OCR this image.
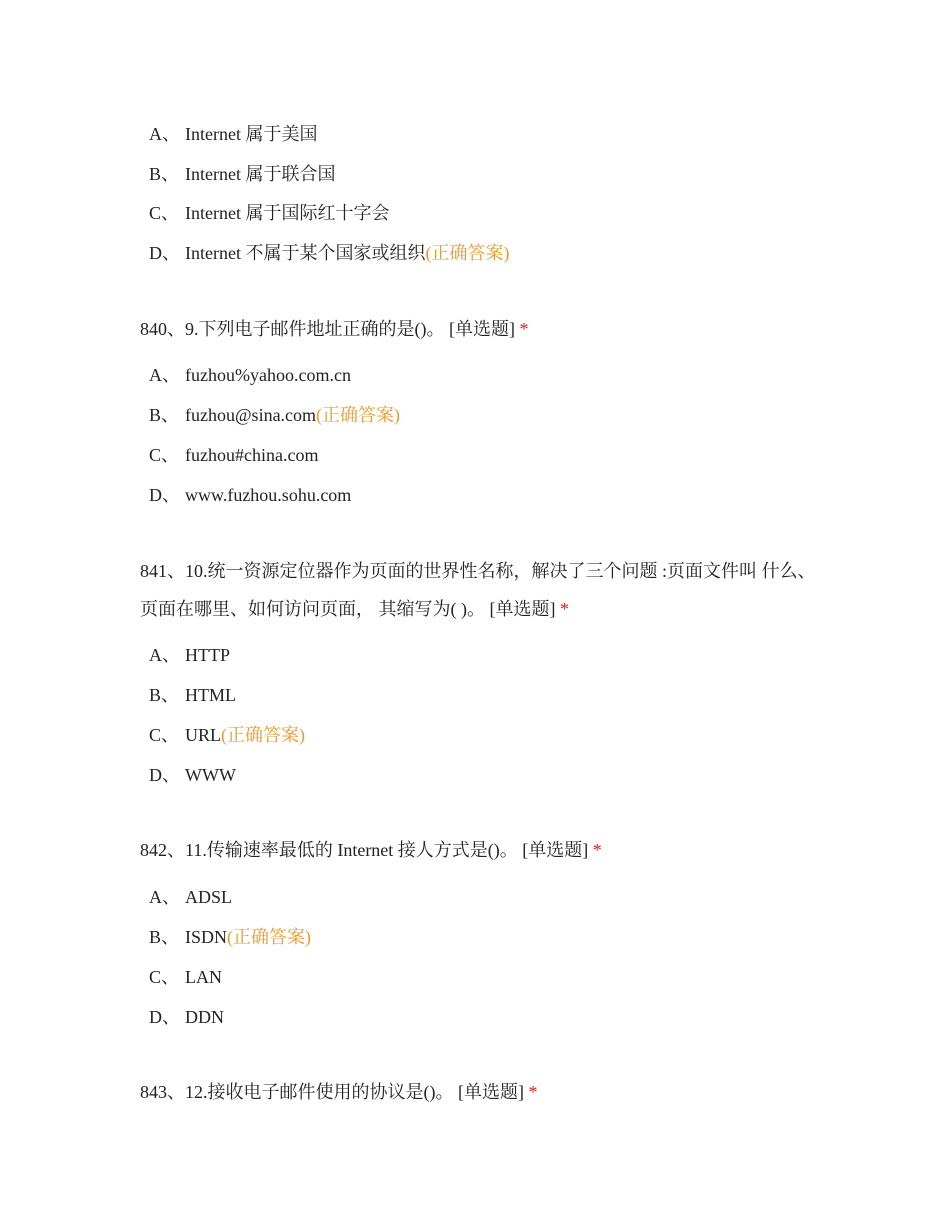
A、 Internet 属于美国
B、 Internet 属于联合国
C、 Internet 属于国际红十字会
D、 Internet 不属于某个国家或组织(正确答案)
840、9.下列电子邮件地址正确的是()。 [单选题] *
A、 fuzhou%yahoo.com.cn
B、 fuzhou@sina.com(正确答案)
C、 fuzhou#china.com
D、 www.fuzhou.sohu.com
841、10.统一资源定位器作为页面的世界性名称，解决了三个问题 :页面文件叫 什么、页面在哪里、如何访问页面， 其缩写为( )。 [单选题] *
A、 HTTP
B、 HTML
C、 URL(正确答案)
D、 WWW
842、11.传输速率最低的 Internet 接人方式是()。 [单选题] *
A、 ADSL
B、 ISDN(正确答案)
C、 LAN
D、 DDN
843、12.接收电子邮件使用的协议是()。 [单选题] *
